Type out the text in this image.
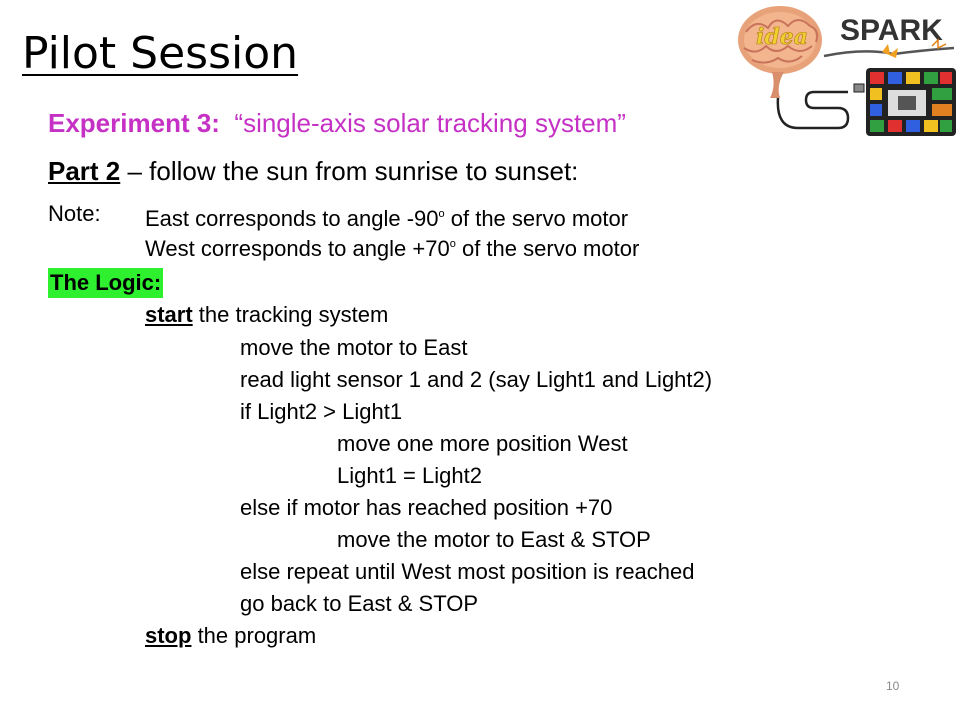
Pilot Session	idea SPARK
Experiment 3: “single-axis solar tracking system”
Part 2 – follow the sun from sunrise to sunset:
Note: East corresponds to angle -90$^o$ of the servo motor
West corresponds to angle $+70^o$ of the servo motor
The Logic:
start the tracking system
move the motor to East
read light sensor 1 and 2 (say Light1 and Light2)
if Light2 > Light1
move one more position West
Light1 = Light2
else if motor has reached position +70
move the motor to East & STOP
else repeat until West most position is reached
go back to East & STOP
stop the program
10
